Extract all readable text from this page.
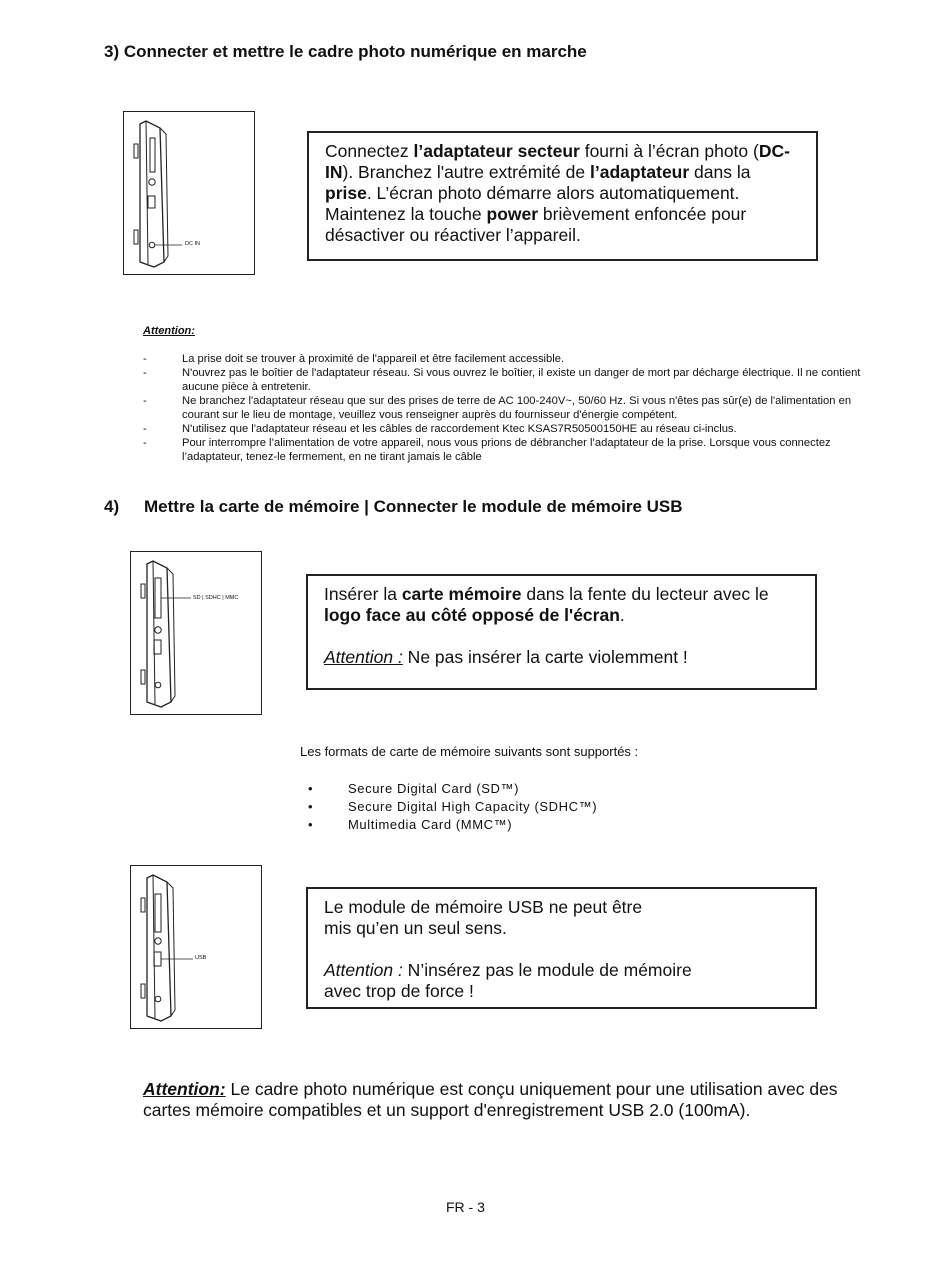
3) Connecter et mettre le cadre photo numérique en marche
DC IN
Connectez l’adaptateur secteur fourni à l’écran photo (DC-IN). Branchez l'autre extrémité de l’adaptateur dans la prise. L’écran photo démarre alors automatiquement. Maintenez la touche power brièvement enfoncée pour désactiver ou réactiver l’appareil.
Attention:
-	La prise doit se trouver à proximité de l'appareil et être facilement accessible.
-	N'ouvrez pas le boîtier de l'adaptateur réseau. Si vous ouvrez le boîtier, il existe un danger de mort par décharge électrique. Il ne contient aucune pièce à entretenir.
-	Ne branchez l'adaptateur réseau que sur des prises de terre de AC 100-240V~, 50/60 Hz. Si vous n'êtes pas sûr(e) de l'alimentation en courant sur le lieu de montage, veuillez vous renseigner auprès du fournisseur d'énergie compétent.
-	N'utilisez que l'adaptateur réseau et les câbles de raccordement Ktec KSAS7R50500150HE au réseau ci-inclus.
-	Pour interrompre l’alimentation de votre appareil, nous vous prions de débrancher l’adaptateur de la prise. Lorsque vous connectez l’adaptateur, tenez-le fermement, en ne tirant jamais le câble
4) Mettre la carte de mémoire | Connecter le module de mémoire USB
SD | SDHC | MMC	Insérer la carte mémoire dans la fente du lecteur avec le logo face au côté opposé de l'écran.
Attention : Ne pas insérer la carte violemment !
Les formats de carte de mémoire suivants sont supportés :
•	Secure Digital Card (SD™)
•	Secure Digital High Capacity (SDHC™)
•	Multimedia Card (MMC™)
USB
Le module de mémoire USB ne peut être
mis qu’en un seul sens.
Attention : N’insérez pas le module de mémoire
avec trop de force !
Attention: Le cadre photo numérique est conçu uniquement pour une utilisation avec des cartes mémoire compatibles et un support d'enregistrement USB 2.0 (100mA).
FR - 3
